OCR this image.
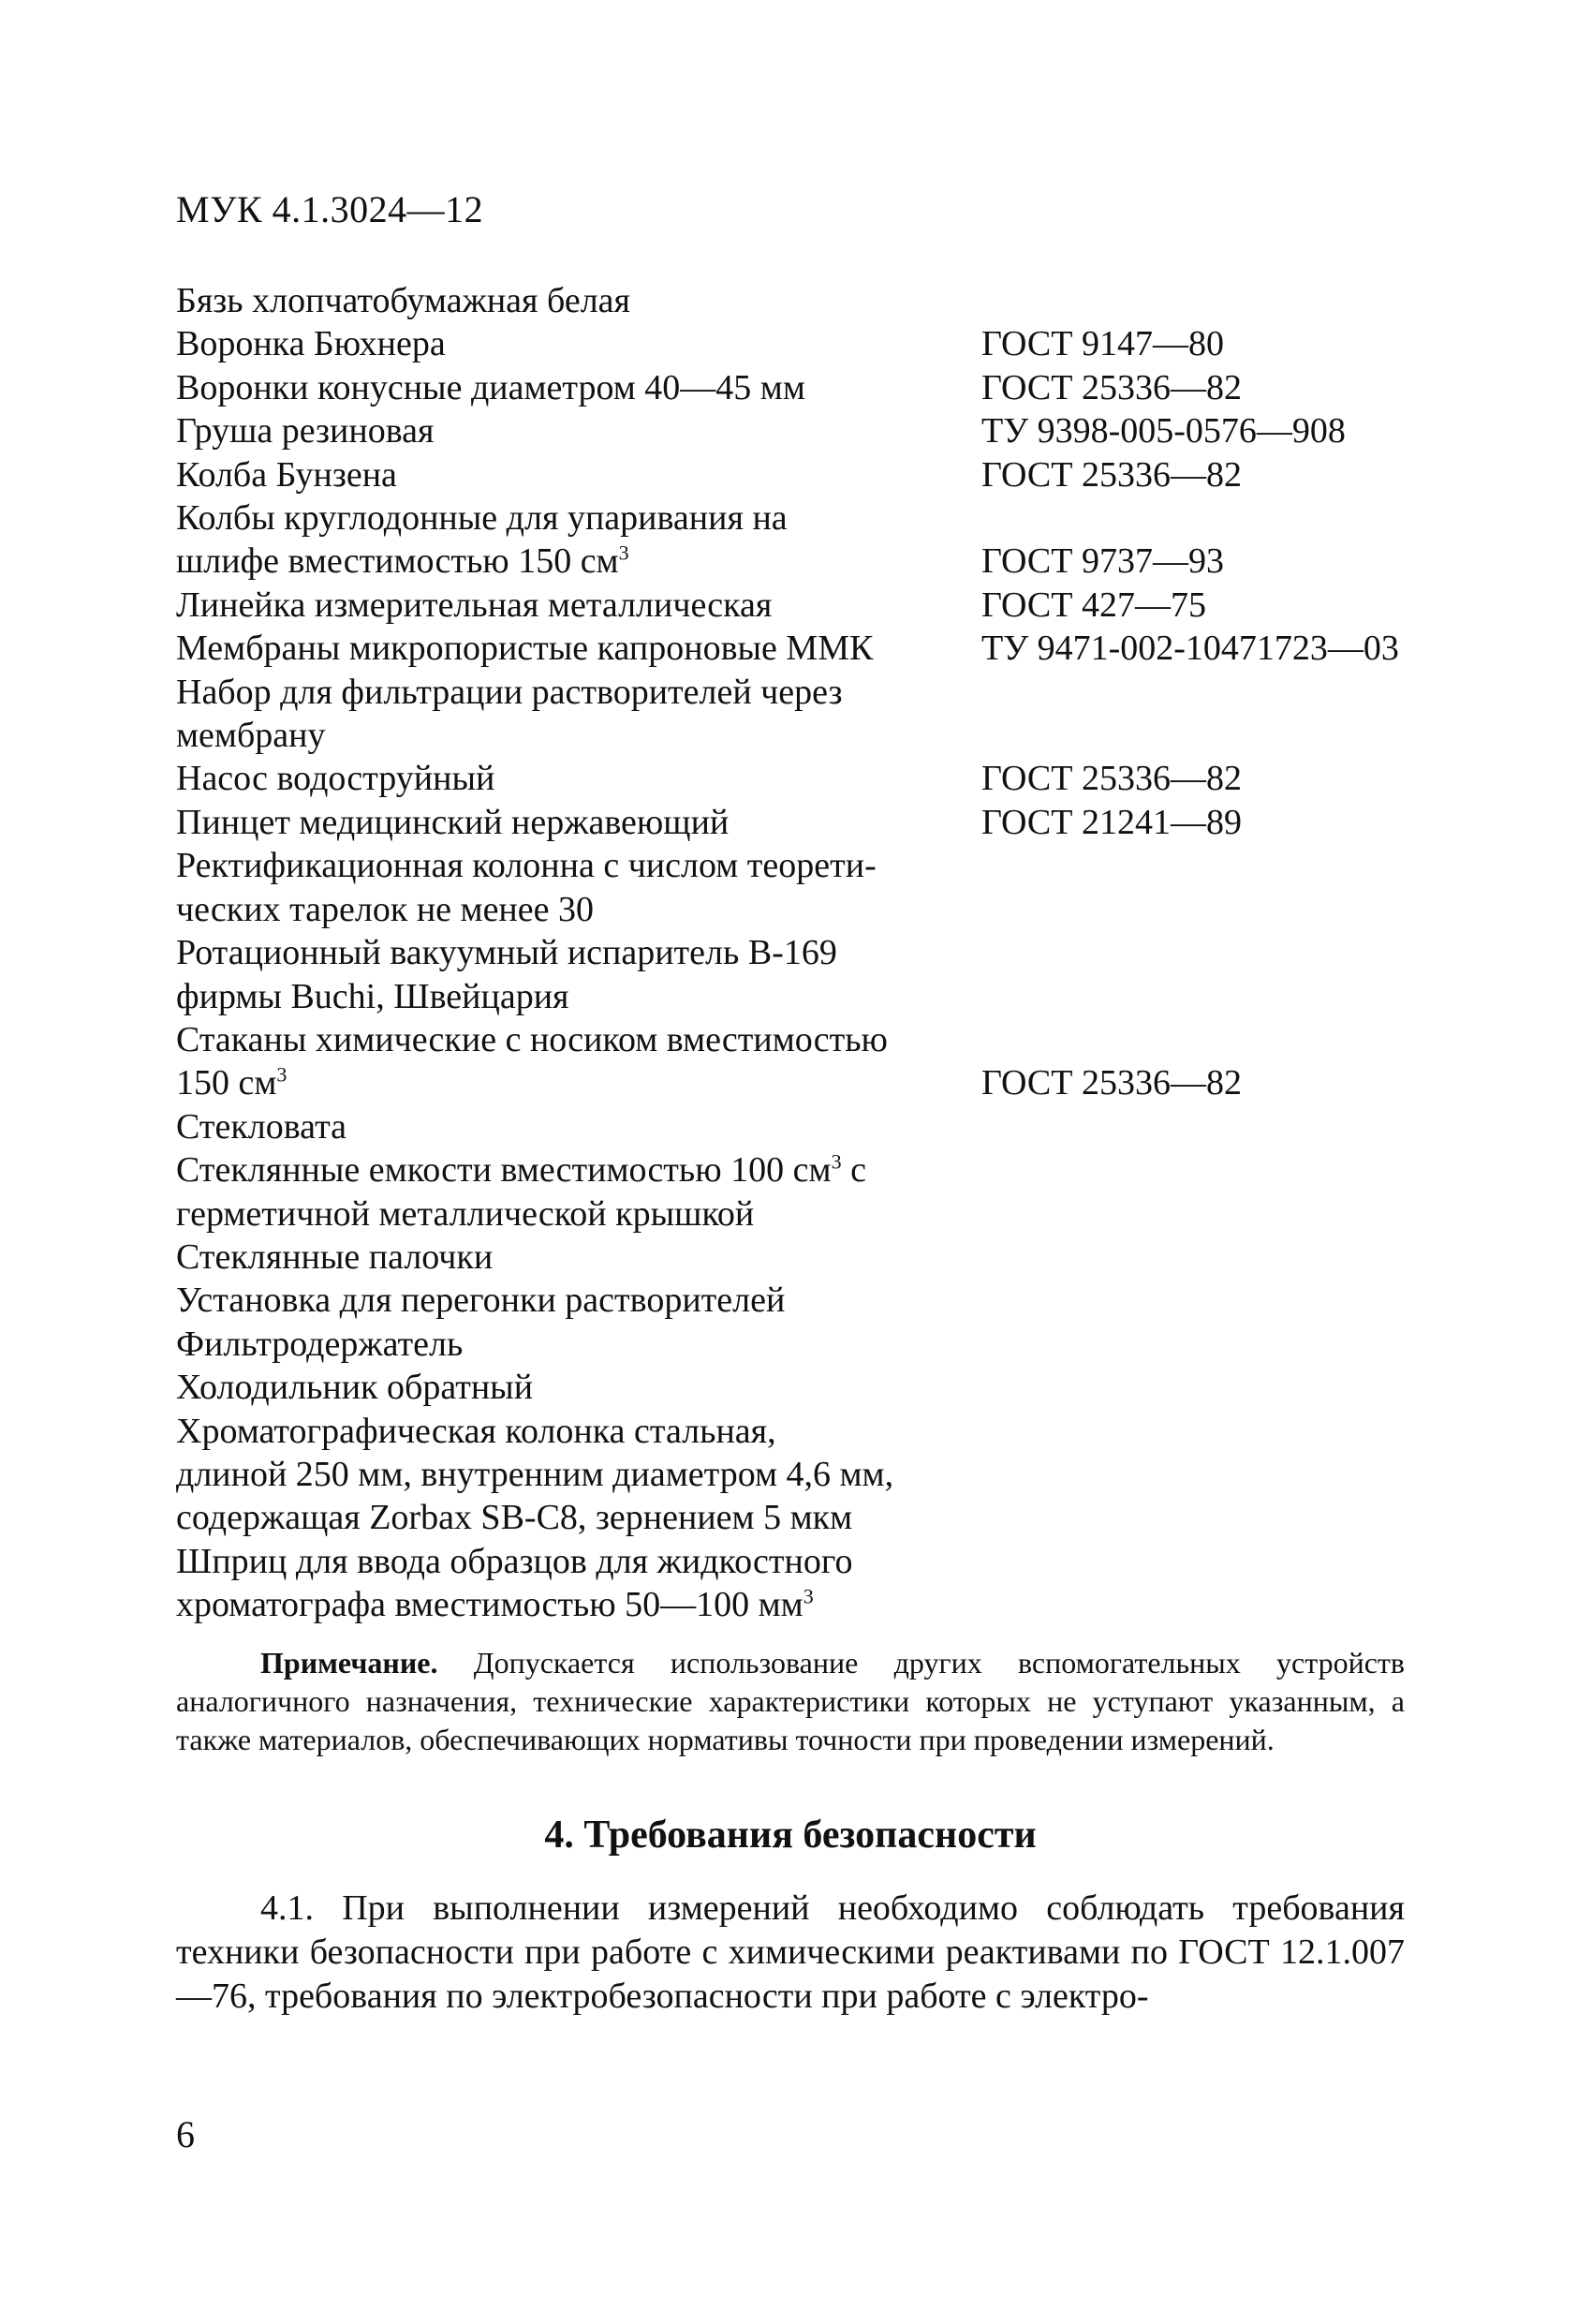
МУК 4.1.3024—12
Бязь хлопчатобумажная белая
Воронка Бюхнера	ГОСТ 9147—80
Воронки конусные диаметром 40—45 мм	ГОСТ 25336—82
Груша резиновая	ТУ 9398-005-0576—908
Колба Бунзена	ГОСТ 25336—82
Колбы круглодонные для упаривания на
шлифе вместимостью 150 $см^3$	ГОСТ 9737—93
Линейка измерительная металлическая	ГОСТ 427—75
Мембраны микропористые капроновые ММК	ТУ 9471-002-10471723—03
Набор для фильтрации растворителей через
мембрану
Насос водоструйный	ГОСТ 25336—82
Пинцет медицинский нержавеющий	ГОСТ 21241—89
Ректификационная колонна с числом теорети-
ческих тарелок не менее 30
Ротационный вакуумный испаритель В-169
фирмы Buchi, Швейцария
Стаканы химические с носиком вместимостью
150 $см^3$	ГОСТ 25336—82
Стекловата
Стеклянные емкости вместимостью 100 $см^3$ с
герметичной металлической крышкой
Стеклянные палочки
Установка для перегонки растворителей
Фильтродержатель
Холодильник обратный
Хроматографическая колонка стальная,
длиной 250 мм, внутренним диаметром 4,6 мм,
содержащая Zorbax SB-C8, зернением 5 мкм
Шприц для ввода образцов для жидкостного
хроматографа вместимостью 50—100 $мм^3$
Примечание. Допускается использование других вспомогательных устройств аналогичного назначения, технические характеристики которых не уступают указанным, а также материалов, обеспечивающих нормативы точности при проведении измерений.
4. Требования безопасности
4.1. При выполнении измерений необходимо соблюдать требования техники безопасности при работе с химическими реактивами по ГОСТ 12.1.007—76, требования по электробезопасности при работе с электро-
6
